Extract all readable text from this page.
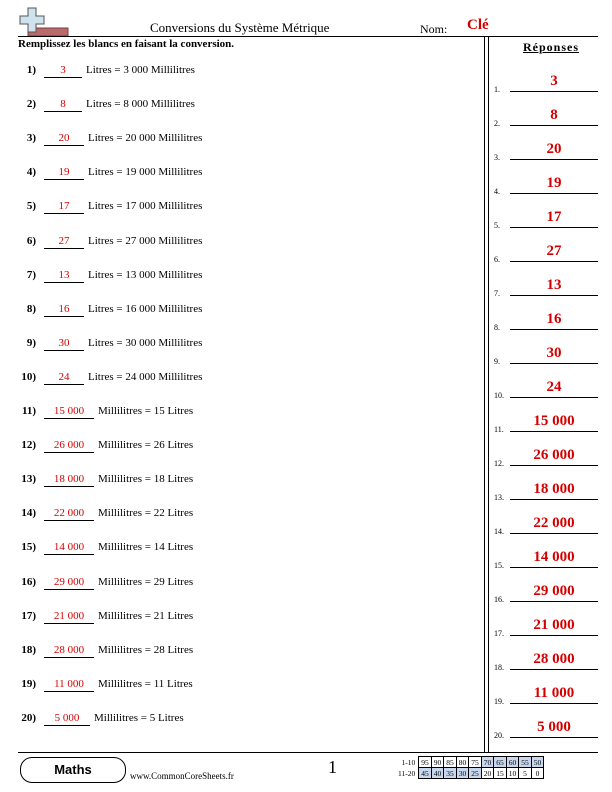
Conversions du Système Métrique	Nom: Clé
Remplissez les blancs en faisant la conversion.
1)	3	Litres = 3 000 Millilitres
2)	8	Litres = 8 000 Millilitres
3)	20	Litres = 20 000 Millilitres
4)	19	Litres = 19 000 Millilitres
5)	17	Litres = 17 000 Millilitres
6)	27	Litres = 27 000 Millilitres
7)	13	Litres = 13 000 Millilitres
8)	16	Litres = 16 000 Millilitres
9)	30	Litres = 30 000 Millilitres
10)	24	Litres = 24 000 Millilitres
11)	15 000	Millilitres = 15 Litres
12)	26 000	Millilitres = 26 Litres
13)	18 000	Millilitres = 18 Litres
14)	22 000	Millilitres = 22 Litres
15)	14 000	Millilitres = 14 Litres
16)	29 000	Millilitres = 29 Litres
17)	21 000	Millilitres = 21 Litres
18)	28 000	Millilitres = 28 Litres
19)	11 000	Millilitres = 11 Litres
20)	5 000	Millilitres = 5 Litres
Réponses
1.
3
2.
8
3.
20
4.
19
5.
17
6.
27
7.
13
8.
16
9.
30
10.
24
11.
15 000
12.
26 000
13.
18 000
14.
22 000
15.
14 000
16.
29 000
17.
21 000
18.
28 000
19.
11 000
20.
5 000
Maths	www.CommonCoreSheets.fr	1	1-10	95	90	85	80	75	70	65	60	55	50
11-20	45	40	35	30	25	20	15	10	5	0
